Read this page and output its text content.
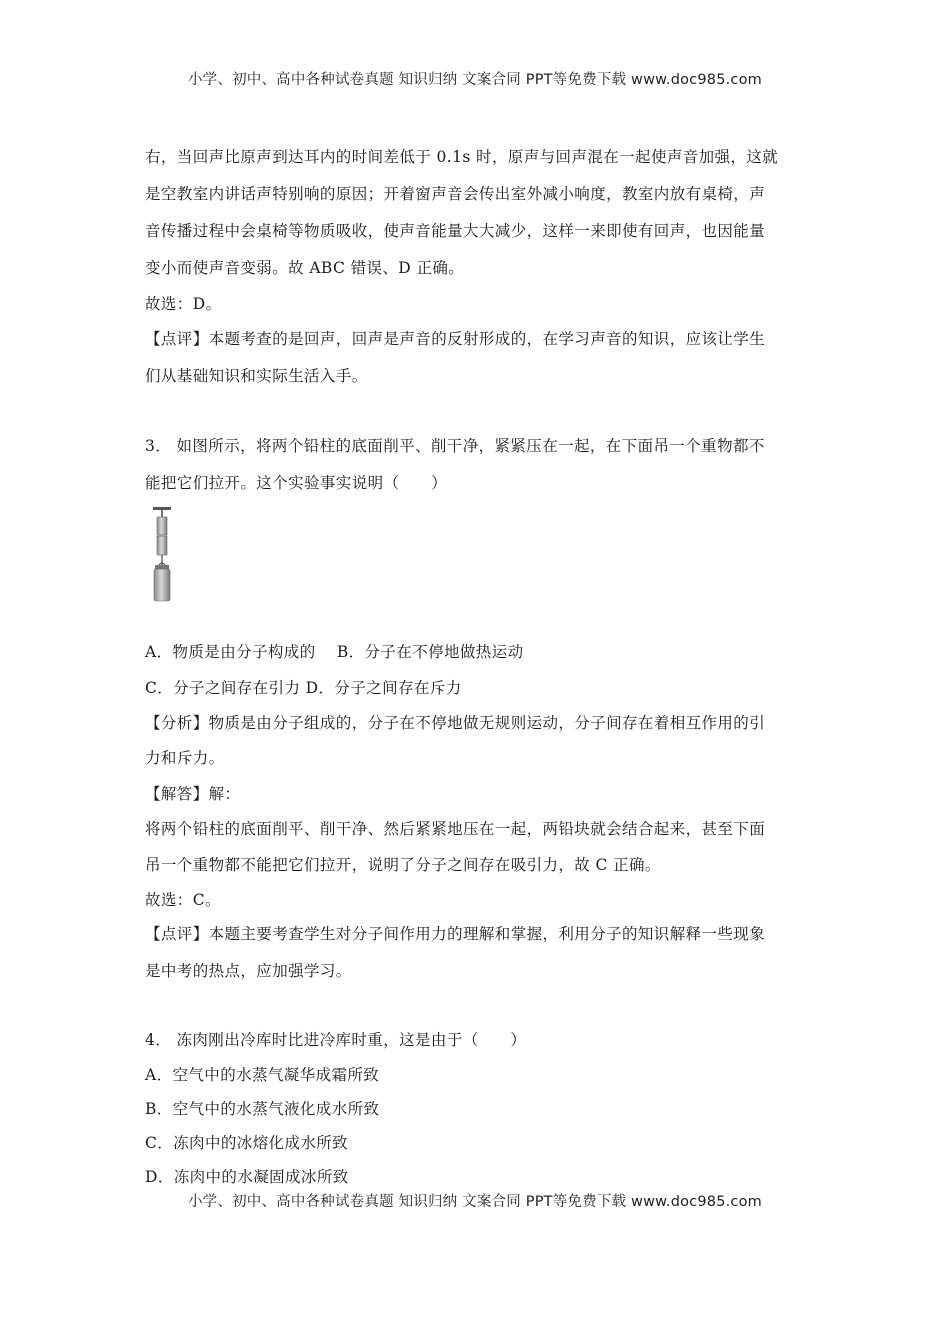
小学、初中、高中各种试卷真题 知识归纳 文案合同 PPT等免费下载 www.doc985.com
右，当回声比原声到达耳内的时间差低于 0.1s 时，原声与回声混在一起使声音加强，这就
是空教室内讲话声特别响的原因；开着窗声音会传出室外减小响度，教室内放有桌椅，声
音传播过程中会桌椅等物质吸收，使声音能量大大减少，这样一来即使有回声，也因能量
变小而使声音变弱。故 ABC 错误、D 正确。
故选：D。
【点评】本题考查的是回声，回声是声音的反射形成的，在学习声音的知识，应该让学生
们从基础知识和实际生活入手。
3． 如图所示，将两个铅柱的底面削平、削干净，紧紧压在一起，在下面吊一个重物都不
能把它们拉开。这个实验事实说明（　　）
A．物质是由分子构成的　 B．分子在不停地做热运动
C．分子之间存在引力 D．分子之间存在斥力
【分析】物质是由分子组成的，分子在不停地做无规则运动，分子间存在着相互作用的引
力和斥力。
【解答】解：
将两个铅柱的底面削平、削干净、然后紧紧地压在一起，两铅块就会结合起来，甚至下面
吊一个重物都不能把它们拉开，说明了分子之间存在吸引力，故 C 正确。
故选：C。
【点评】本题主要考查学生对分子间作用力的理解和掌握，利用分子的知识解释一些现象
是中考的热点，应加强学习。
4． 冻肉刚出冷库时比进冷库时重，这是由于（　　）
A．空气中的水蒸气凝华成霜所致
B．空气中的水蒸气液化成水所致
C．冻肉中的冰熔化成水所致
D．冻肉中的水凝固成冰所致
小学、初中、高中各种试卷真题 知识归纳 文案合同 PPT等免费下载 www.doc985.com
